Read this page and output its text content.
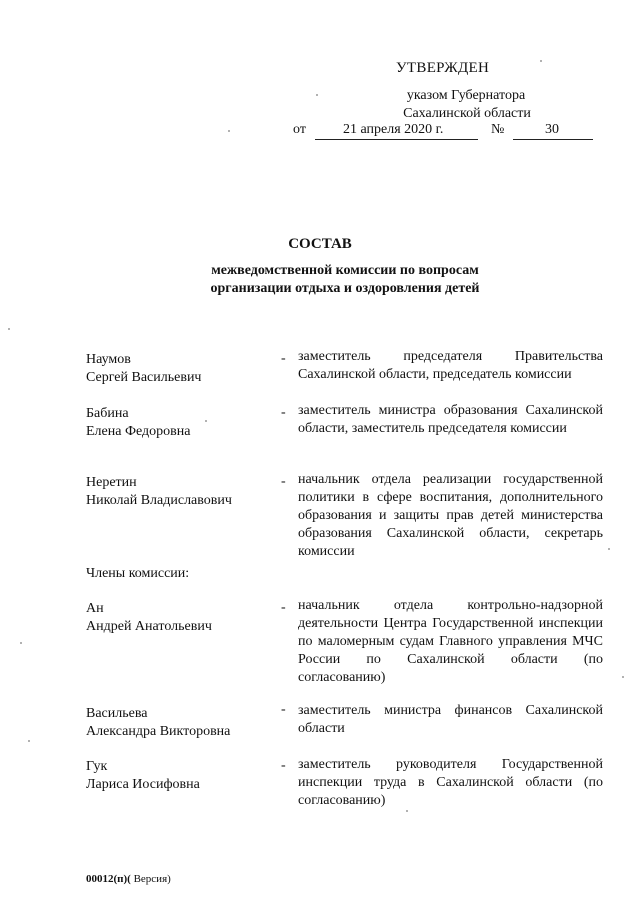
УТВЕРЖДЕН
указом Губернатора
Сахалинской области
от	21 апреля 2020 г.	№	30
СОСТАВ
межведомственной комиссии по вопросам
организации отдыха и оздоровления детей
Наумов
Сергей Васильевич
- заместитель председателя Правительства Сахалинской области, председатель комиссии
Бабина
Елена Федоровна
- заместитель министра образования Сахалинской области, заместитель председателя комиссии
Неретин
Николай Владиславович
- начальник отдела реализации государственной политики в сфере воспитания, дополнительного образования и защиты прав детей министерства образования Сахалинской области, секретарь комиссии
Члены комиссии:
Ан
Андрей Анатольевич
- начальник отдела контрольно-надзорной деятельности Центра Государственной инспекции по маломерным судам Главного управления МЧС России по Сахалинской области (по согласованию)
Васильева
Александра Викторовна
- заместитель министра финансов Сахалинской области
Гук
Лариса Иосифовна
- заместитель руководителя Государственной инспекции труда в Сахалинской области (по согласованию)
00012(п)( Версия)
